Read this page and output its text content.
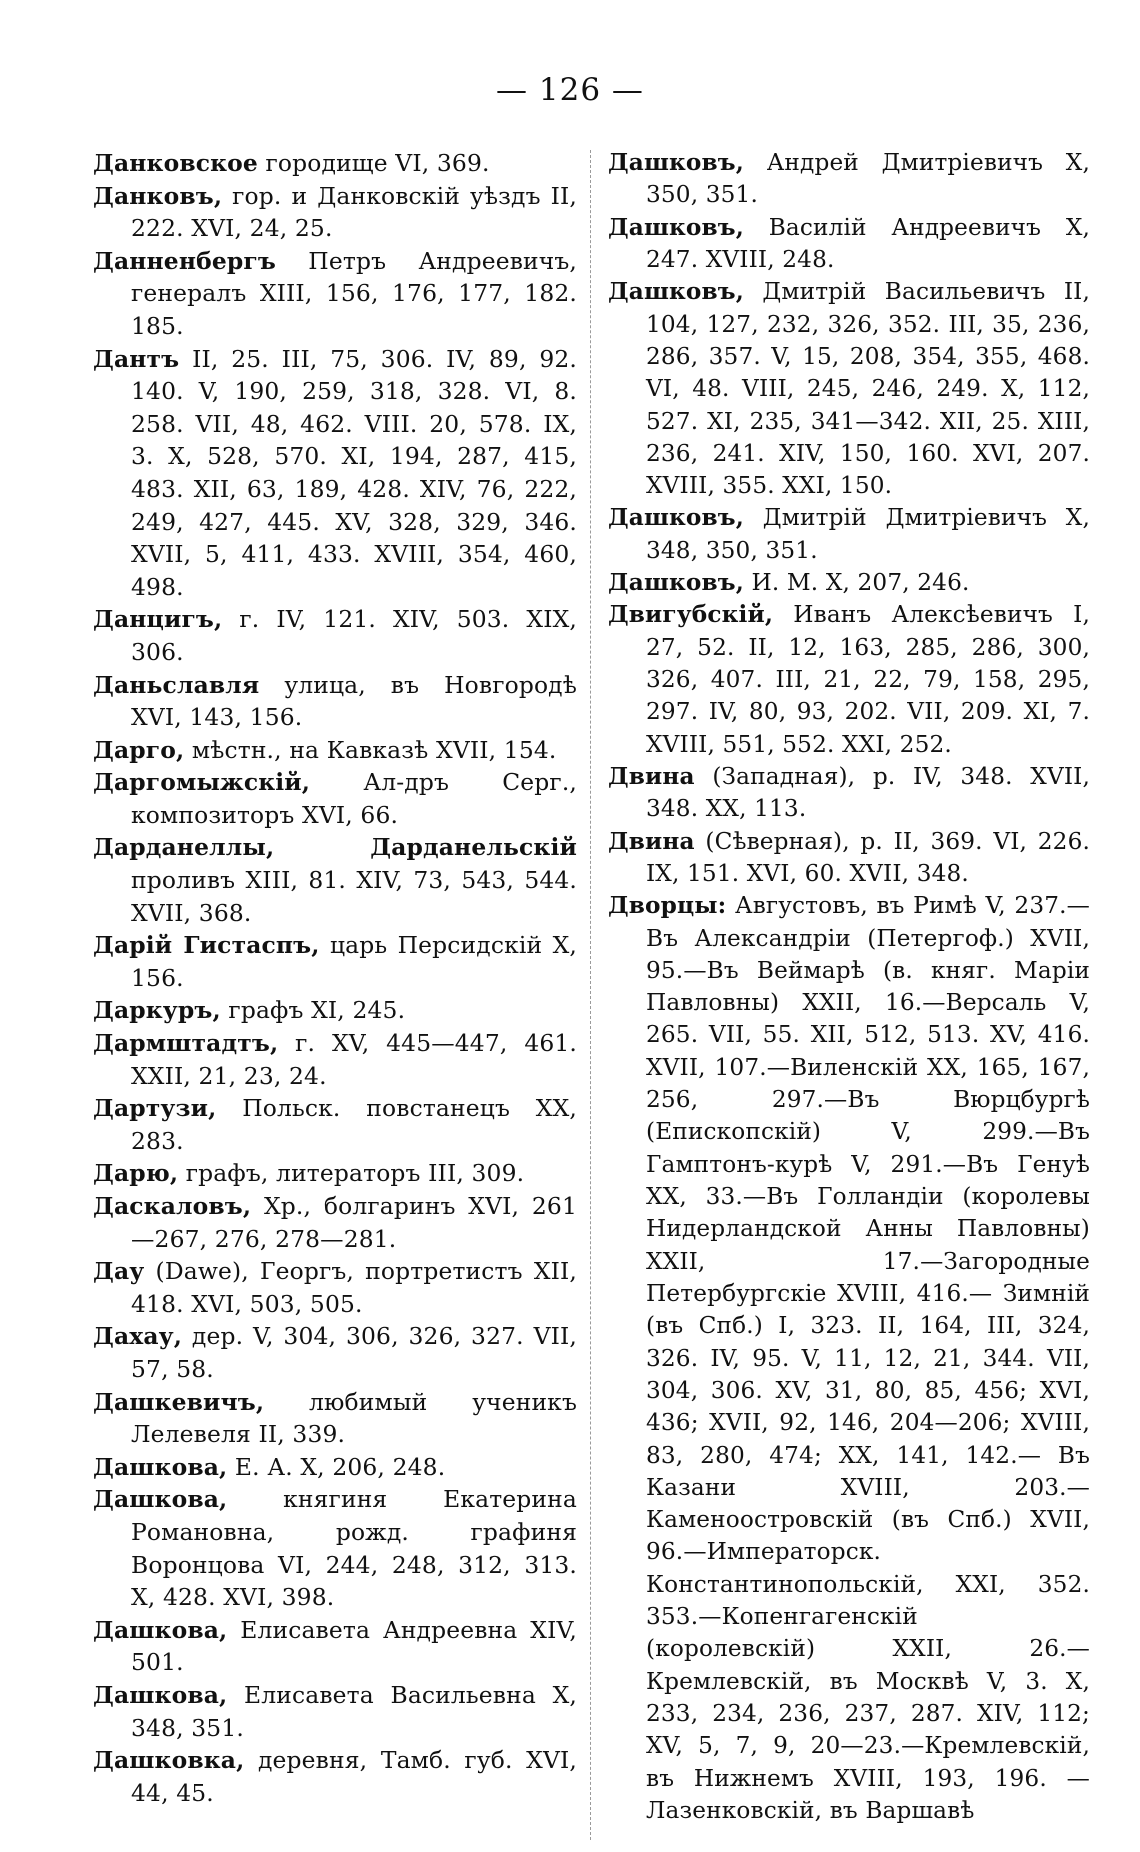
— 126 —
Данковское городище VI, 369.
Данковъ, гор. и Данковскій уѣздъ II, 222. XVI, 24, 25.
Данненбергъ Петръ Андреевичъ, генералъ XIII, 156, 176, 177, 182. 185.
Дантъ II, 25. III, 75, 306. IV, 89, 92. 140. V, 190, 259, 318, 328. VI, 8. 258. VII, 48, 462. VIII. 20, 578. IX, 3. X, 528, 570. XI, 194, 287, 415, 483. XII, 63, 189, 428. XIV, 76, 222, 249, 427, 445. XV, 328, 329, 346. XVII, 5, 411, 433. XVIII, 354, 460, 498.
Данцигъ, г. IV, 121. XIV, 503. XIX, 306.
Даньславля улица, въ Новгородѣ XVI, 143, 156.
Дарго, мѣстн., на Кавказѣ XVII, 154.
Даргомыжскій, Ал-дръ Серг., композиторъ XVI, 66.
Дарданеллы, Дарданельскій проливъ XIII, 81. XIV, 73, 543, 544. XVII, 368.
Дарій Гистаспъ, царь Персидскій X, 156.
Даркуръ, графъ XI, 245.
Дармштадтъ, г. XV, 445—447, 461. XXII, 21, 23, 24.
Дартузи, Польск. повстанецъ XX, 283.
Дарю, графъ, литераторъ III, 309.
Даскаловъ, Хр., болгаринъ XVI, 261—267, 276, 278—281.
Дау (Dawe), Георгъ, портретистъ XII, 418. XVI, 503, 505.
Дахау, дер. V, 304, 306, 326, 327. VII, 57, 58.
Дашкевичъ, любимый ученикъ Лелевеля II, 339.
Дашкова, Е. А. X, 206, 248.
Дашкова, княгиня Екатерина Романовна, рожд. графиня Воронцова VI, 244, 248, 312, 313. X, 428. XVI, 398.
Дашкова, Елисавета Андреевна XIV, 501.
Дашкова, Елисавета Васильевна X, 348, 351.
Дашковка, деревня, Тамб. губ. XVI, 44, 45.
Дашковъ, Андрей Дмитріевичъ X, 350, 351.
Дашковъ, Василій Андреевичъ X, 247. XVIII, 248.
Дашковъ, Дмитрій Васильевичъ II, 104, 127, 232, 326, 352. III, 35, 236, 286, 357. V, 15, 208, 354, 355, 468. VI, 48. VIII, 245, 246, 249. X, 112, 527. XI, 235, 341—342. XII, 25. XIII, 236, 241. XIV, 150, 160. XVI, 207. XVIII, 355. XXI, 150.
Дашковъ, Дмитрій Дмитріевичъ X, 348, 350, 351.
Дашковъ, И. М. X, 207, 246.
Двигубскій, Иванъ Алексѣевичъ I, 27, 52. II, 12, 163, 285, 286, 300, 326, 407. III, 21, 22, 79, 158, 295, 297. IV, 80, 93, 202. VII, 209. XI, 7. XVIII, 551, 552. XXI, 252.
Двина (Западная), р. IV, 348. XVII, 348. XX, 113.
Двина (Сѣверная), р. II, 369. VI, 226. IX, 151. XVI, 60. XVII, 348.
Дворцы: Августовъ, въ Римѣ V, 237.— Въ Александріи (Петергоф.) XVII, 95.—Въ Веймарѣ (в. княг. Маріи Павловны) XXII, 16.—Версаль V, 265. VII, 55. XII, 512, 513. XV, 416. XVII, 107.—Виленскій XX, 165, 167, 256, 297.—Въ Вюрцбургѣ (Епископскій) V, 299.—Въ Гамптонъ-курѣ V, 291.—Въ Генуѣ XX, 33.—Въ Голландіи (королевы Нидерландской Анны Павловны) XXII, 17.—Загородные Петербургскіе XVIII, 416.— Зимній (въ Спб.) I, 323. II, 164, III, 324, 326. IV, 95. V, 11, 12, 21, 344. VII, 304, 306. XV, 31, 80, 85, 456; XVI, 436; XVII, 92, 146, 204—206; XVIII, 83, 280, 474; XX, 141, 142.— Въ Казани XVIII, 203.—Каменоостровскій (въ Спб.) XVII, 96.—Императорск. Константинопольскій, XXI, 352. 353.—Копенгагенскій (королевскій) XXII, 26.—Кремлевскій, въ Москвѣ V, 3. X, 233, 234, 236, 237, 287. XIV, 112; XV, 5, 7, 9, 20—23.—Кремлевскій, въ Нижнемъ XVIII, 193, 196. — Лазенковскій, въ Варшавѣ
